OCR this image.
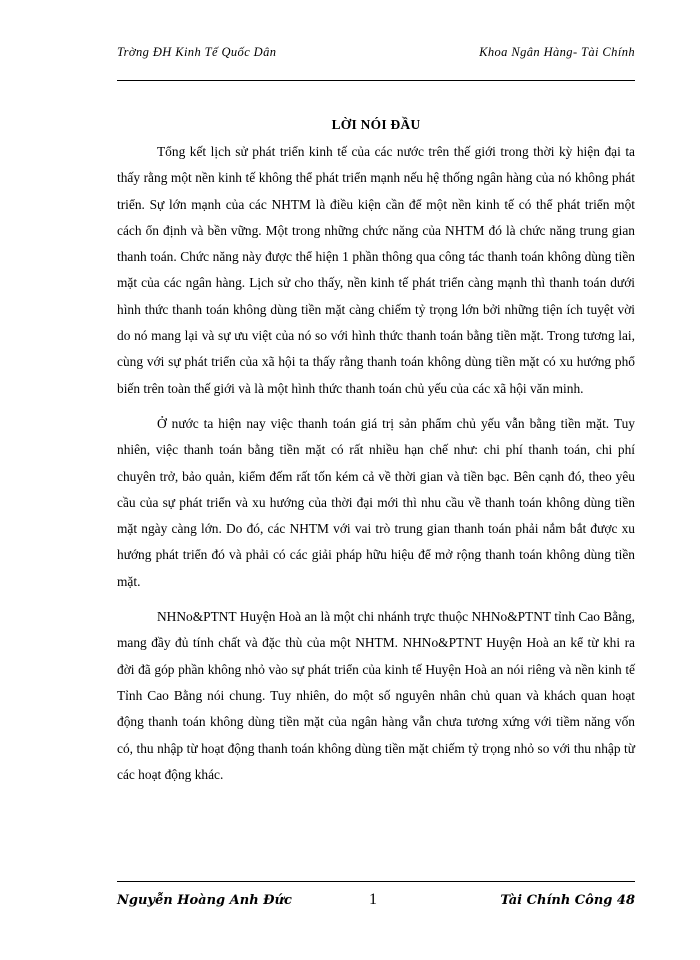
Trờng ĐH Kinh Tế Quốc Dân	Khoa Ngân Hàng- Tài Chính
LỜI NÓI ĐẦU

Tổng kết lịch sử phát triển kinh tế của các nước trên thế giới trong thời kỳ hiện đại ta thấy rằng một nền kinh tế không thể phát triển mạnh nếu hệ thống ngân hàng của nó không phát triển. Sự lớn mạnh của các NHTM là điều kiện cần để một nền kinh tế có thể phát triển một cách ổn định và bền vững. Một trong những chức năng của NHTM đó là chức năng trung gian thanh toán. Chức năng này được thể hiện 1 phần thông qua công tác thanh toán không dùng tiền mặt của các ngân hàng. Lịch sử cho thấy, nền kinh tế phát triển càng mạnh thì thanh toán dưới hình thức thanh toán không dùng tiền mặt càng chiếm tỷ trọng lớn bởi những tiện ích tuyệt vời do nó mang lại và sự ưu việt của nó so với hình thức thanh toán bằng tiền mặt. Trong tương lai, cùng với sự phát triển của xã hội ta thấy rằng thanh toán không dùng tiền mặt có xu hướng phổ biến trên toàn thế giới và là một hình thức thanh toán chủ yếu của các xã hội văn minh.

Ở nước ta hiện nay việc thanh toán giá trị sản phẩm chủ yếu vẫn bằng tiền mặt. Tuy nhiên, việc thanh toán bằng tiền mặt có rất nhiều hạn chế như: chi phí thanh toán, chi phí chuyên trở, bảo quản, kiểm đếm rất tốn kém cả về thời gian và tiền bạc. Bên cạnh đó, theo yêu cầu của sự phát triển và xu hướng của thời đại mới thì nhu cầu về thanh toán không dùng tiền mặt ngày càng lớn. Do đó, các NHTM với vai trò trung gian thanh toán phải nắm bắt được xu hướng phát triển đó và phải có các giải pháp hữu hiệu để mở rộng thanh toán không dùng tiền mặt.

NHNo&PTNT Huyện Hoà an là một chi nhánh trực thuộc NHNo&PTNT tỉnh Cao Bằng, mang đầy đủ tính chất và đặc thù của một NHTM. NHNo&PTNT Huyện Hoà an kể từ khi ra đời đã góp phần không nhỏ vào sự phát triển của kinh tế Huyện Hoà an nói riêng và nền kinh tế Tỉnh Cao Bằng nói chung. Tuy nhiên, do một số nguyên nhân chủ quan và khách quan hoạt động thanh toán không dùng tiền mặt của ngân hàng vẫn chưa tương xứng với tiềm năng vốn có, thu nhập từ hoạt động thanh toán không dùng tiền mặt chiếm tỷ trọng nhỏ so với thu nhập từ các hoạt động khác.

Nguyễn Hoàng Anh Đức	1	Tài Chính Công 48
